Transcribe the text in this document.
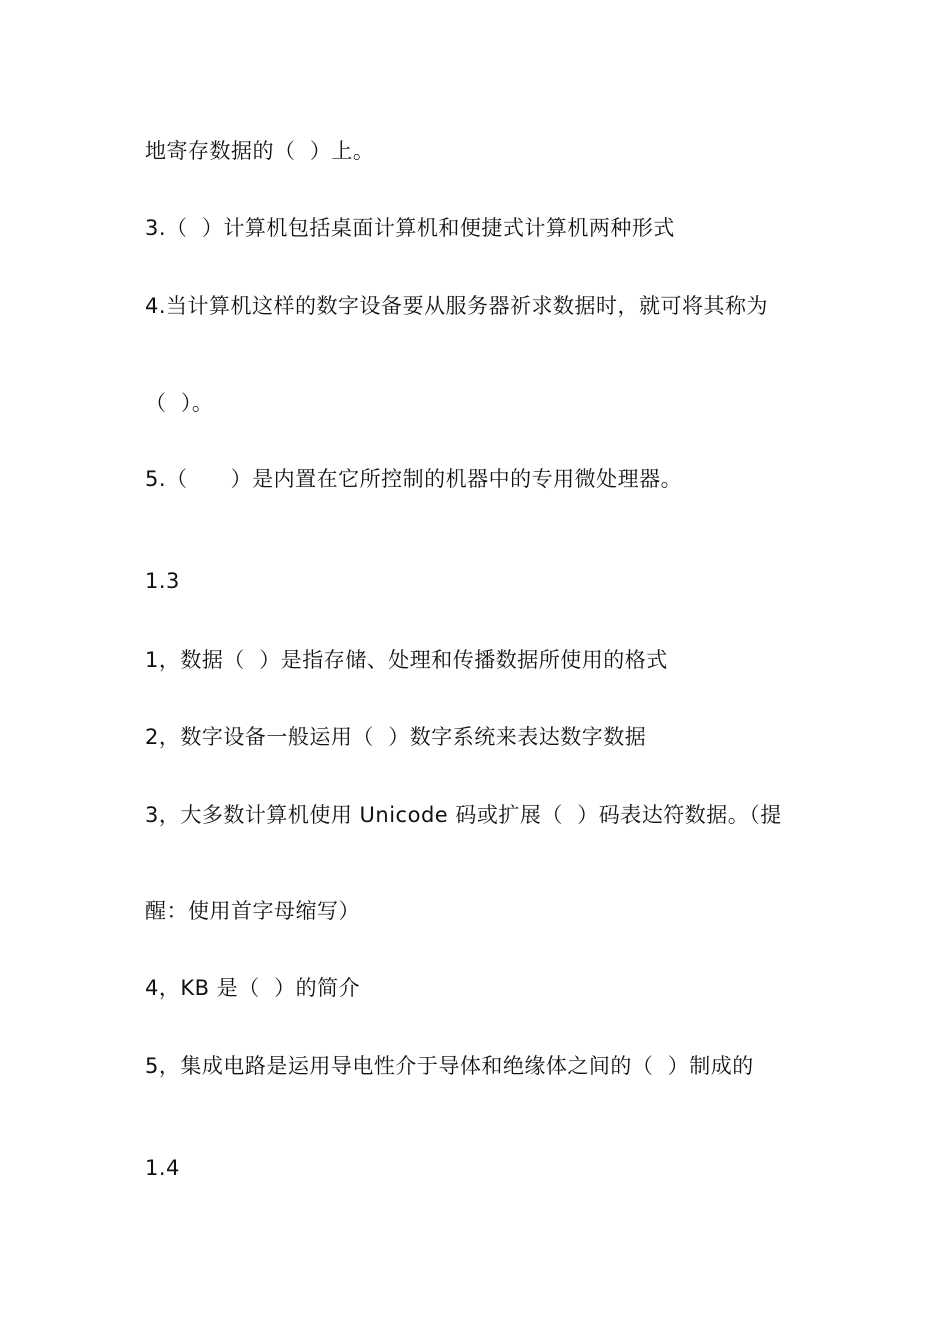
地寄存数据的（  ）上。
3.（  ）计算机包括桌面计算机和便捷式计算机两种形式
4.当计算机这样的数字设备要从服务器祈求数据时，就可将其称为
（  ）。
5.（      ）是内置在它所控制的机器中的专用微处理器。
1.3
1，数据（  ）是指存储、处理和传播数据所使用的格式
2，数字设备一般运用（  ）数字系统来表达数字数据
3，大多数计算机使用 Unicode 码或扩展（  ）码表达符数据。（提
醒：使用首字母缩写）
4，KB 是（  ）的简介
5，集成电路是运用导电性介于导体和绝缘体之间的（  ）制成的
1.4
